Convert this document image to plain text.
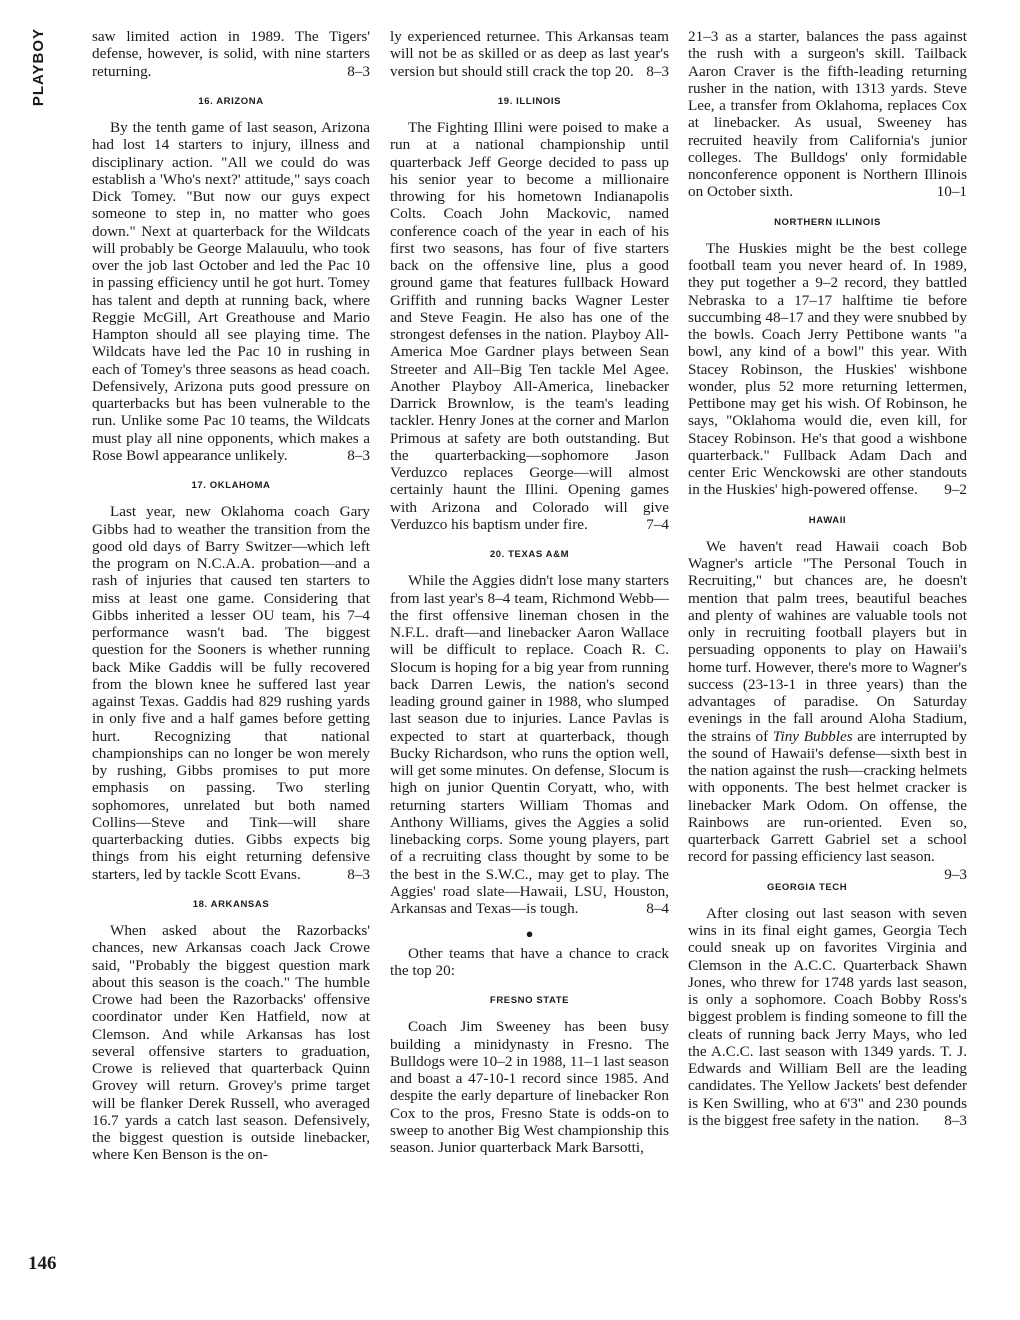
PLAYBOY
146

saw limited action in 1989. The Tigers' defense, however, is solid, with nine starters returning.	8–3

16. ARIZONA

By the tenth game of last season, Arizona had lost 14 starters to injury, illness and disciplinary action. "All we could do was establish a 'Who's next?' attitude," says coach Dick Tomey. "But now our guys expect someone to step in, no matter who goes down." Next at quarterback for the Wildcats will probably be George Malauulu, who took over the job last October and led the Pac 10 in passing efficiency until he got hurt. Tomey has talent and depth at running back, where Reggie McGill, Art Greathouse and Mario Hampton should all see playing time. The Wildcats have led the Pac 10 in rushing in each of Tomey's three seasons as head coach. Defensively, Arizona puts good pressure on quarterbacks but has been vulnerable to the run. Unlike some Pac 10 teams, the Wildcats must play all nine opponents, which makes a Rose Bowl appearance unlikely.	8–3

17. OKLAHOMA

Last year, new Oklahoma coach Gary Gibbs had to weather the transition from the good old days of Barry Switzer—which left the program on N.C.A.A. probation—and a rash of injuries that caused ten starters to miss at least one game. Considering that Gibbs inherited a lesser OU team, his 7–4 performance wasn't bad. The biggest question for the Sooners is whether running back Mike Gaddis will be fully recovered from the blown knee he suffered last year against Texas. Gaddis had 829 rushing yards in only five and a half games before getting hurt. Recognizing that national championships can no longer be won merely by rushing, Gibbs promises to put more emphasis on passing. Two sterling sophomores, unrelated but both named Collins—Steve and Tink—will share quarterbacking duties. Gibbs expects big things from his eight returning defensive starters, led by tackle Scott Evans.	8–3

18. ARKANSAS

When asked about the Razorbacks' chances, new Arkansas coach Jack Crowe said, "Probably the biggest question mark about this season is the coach." The humble Crowe had been the Razorbacks' offensive coordinator under Ken Hatfield, now at Clemson. And while Arkansas has lost several offensive starters to graduation, Crowe is relieved that quarterback Quinn Grovey will return. Grovey's prime target will be flanker Derek Russell, who averaged 16.7 yards a catch last season. Defensively, the biggest question is outside linebacker, where Ken Benson is the on-

ly experienced returnee. This Arkansas team will not be as skilled or as deep as last year's version but should still crack the top 20. 8–3

19. ILLINOIS

The Fighting Illini were poised to make a run at a national championship until quarterback Jeff George decided to pass up his senior year to become a millionaire throwing for his hometown Indianapolis Colts. Coach John Mackovic, named conference coach of the year in each of his first two seasons, has four of five starters back on the offensive line, plus a good ground game that features fullback Howard Griffith and running backs Wagner Lester and Steve Feagin. He also has one of the strongest defenses in the nation. Playboy All-America Moe Gardner plays between Sean Streeter and All–Big Ten tackle Mel Agee. Another Playboy All-America, linebacker Darrick Brownlow, is the team's leading tackler. Henry Jones at the corner and Marlon Primous at safety are both outstanding. But the quarterbacking—sophomore Jason Verduzco replaces George—will almost certainly haunt the Illini. Opening games with Arizona and Colorado will give Verduzco his baptism under fire.	7–4

20. TEXAS A&M

While the Aggies didn't lose many starters from last year's 8–4 team, Richmond Webb—the first offensive lineman chosen in the N.F.L. draft—and linebacker Aaron Wallace will be difficult to replace. Coach R. C. Slocum is hoping for a big year from running back Darren Lewis, the nation's second leading ground gainer in 1988, who slumped last season due to injuries. Lance Pavlas is expected to start at quarterback, though Bucky Richardson, who runs the option well, will get some minutes. On defense, Slocum is high on junior Quentin Coryatt, who, with returning starters William Thomas and Anthony Williams, gives the Aggies a solid linebacking corps. Some young players, part of a recruiting class thought by some to be the best in the S.W.C., may get to play. The Aggies' road slate—Hawaii, LSU, Houston, Arkansas and Texas—is tough.	8–4

●

Other teams that have a chance to crack the top 20:

FRESNO STATE

Coach Jim Sweeney has been busy building a minidynasty in Fresno. The Bulldogs were 10–2 in 1988, 11–1 last season and boast a 47-10-1 record since 1985. And despite the early departure of linebacker Ron Cox to the pros, Fresno State is odds-on to sweep to another Big West championship this season. Junior quarterback Mark Barsotti,

21–3 as a starter, balances the pass against the rush with a surgeon's skill. Tailback Aaron Craver is the fifth-leading returning rusher in the nation, with 1313 yards. Steve Lee, a transfer from Oklahoma, replaces Cox at linebacker. As usual, Sweeney has recruited heavily from California's junior colleges. The Bulldogs' only formidable nonconference opponent is Northern Illinois on October sixth.	10–1

NORTHERN ILLINOIS

The Huskies might be the best college football team you never heard of. In 1989, they put together a 9–2 record, they battled Nebraska to a 17–17 halftime tie before succumbing 48–17 and they were snubbed by the bowls. Coach Jerry Pettibone wants "a bowl, any kind of a bowl" this year. With Stacey Robinson, the Huskies' wishbone wonder, plus 52 more returning lettermen, Pettibone may get his wish. Of Robinson, he says, "Oklahoma would die, even kill, for Stacey Robinson. He's that good a wishbone quarterback." Fullback Adam Dach and center Eric Wenckowski are other standouts in the Huskies' high-powered offense.	9–2

HAWAII

We haven't read Hawaii coach Bob Wagner's article "The Personal Touch in Recruiting," but chances are, he doesn't mention that palm trees, beautiful beaches and plenty of wahines are valuable tools not only in recruiting football players but in persuading opponents to play on Hawaii's home turf. However, there's more to Wagner's success (23-13-1 in three years) than the advantages of paradise. On Saturday evenings in the fall around Aloha Stadium, the strains of Tiny Bubbles are interrupted by the sound of Hawaii's defense—sixth best in the nation against the rush—cracking helmets with opponents. The best helmet cracker is linebacker Mark Odom. On offense, the Rainbows are run-oriented. Even so, quarterback Garrett Gabriel set a school record for passing efficiency last season.
9–3

GEORGIA TECH

After closing out last season with seven wins in its final eight games, Georgia Tech could sneak up on favorites Virginia and Clemson in the A.C.C. Quarterback Shawn Jones, who threw for 1748 yards last season, is only a sophomore. Coach Bobby Ross's biggest problem is finding someone to fill the cleats of running back Jerry Mays, who led the A.C.C. last season with 1349 yards. T. J. Edwards and William Bell are the leading candidates. The Yellow Jackets' best defender is Ken Swilling, who at 6'3" and 230 pounds is the biggest free safety in the nation.	8–3
